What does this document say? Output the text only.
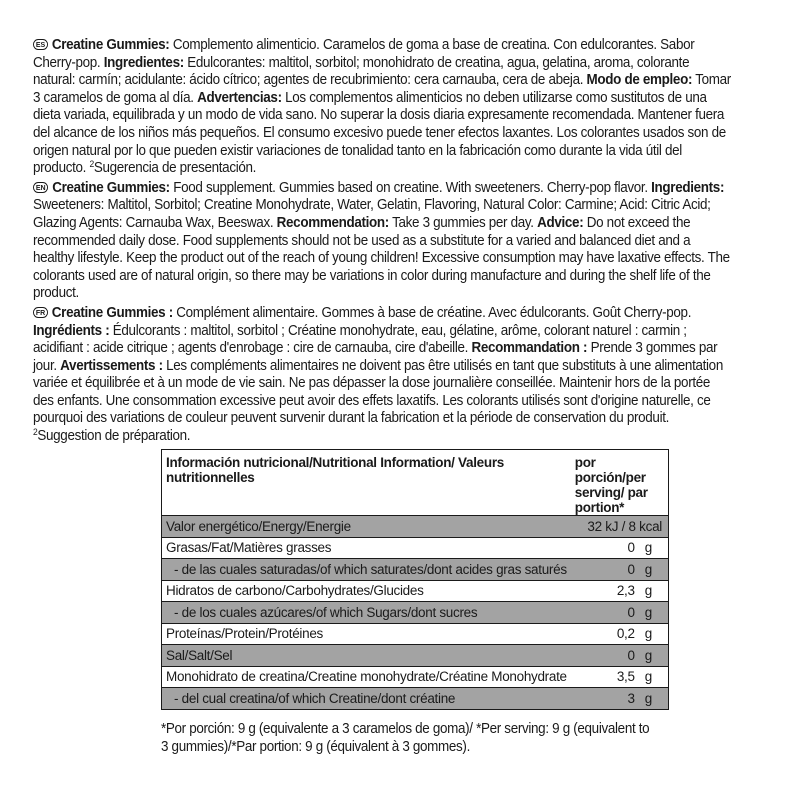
ES Creatine Gummies: Complemento alimenticio. Caramelos de goma a base de creatina. Con edulcorantes. Sabor Cherry-pop. Ingredientes: Edulcorantes: maltitol, sorbitol; monohidrato de creatina, agua, gelatina, aroma, colorante natural: carmín; acidulante: ácido cítrico; agentes de recubrimiento: cera carnauba, cera de abeja. Modo de empleo: Tomar 3 caramelos de goma al día. Advertencias: Los complementos alimenticios no deben utilizarse como sustitutos de una dieta variada, equilibrada y un modo de vida sano. No superar la dosis diaria expresamente recomendada. Mantener fuera del alcance de los niños más pequeños. El consumo excesivo puede tener efectos laxantes. Los colorantes usados son de origen natural por lo que pueden existir variaciones de tonalidad tanto en la fabricación como durante la vida útil del producto. $^2$Sugerencia de presentación.

EN Creatine Gummies: Food supplement. Gummies based on creatine. With sweeteners. Cherry-pop flavor. Ingredients: Sweeteners: Maltitol, Sorbitol; Creatine Monohydrate, Water, Gelatin, Flavoring, Natural Color: Carmine; Acid: Citric Acid; Glazing Agents: Carnauba Wax, Beeswax. Recommendation: Take 3 gummies per day. Advice: Do not exceed the recommended daily dose. Food supplements should not be used as a substitute for a varied and balanced diet and a healthy lifestyle. Keep the product out of the reach of young children! Excessive consumption may have laxative effects. The colorants used are of natural origin, so there may be variations in color during manufacture and during the shelf life of the product.

FR Creatine Gummies : Complément alimentaire. Gommes à base de créatine. Avec édulcorants. Goût Cherry-pop. Ingrédients : Édulcorants : maltitol, sorbitol ; Créatine monohydrate, eau, gélatine, arôme, colorant naturel : carmin ; acidifiant : acide citrique ; agents d'enrobage : cire de carnauba, cire d'abeille. Recommandation : Prende 3 gommes par jour. Avertissements : Les compléments alimentaires ne doivent pas être utilisés en tant que substituts à une alimentation variée et équilibrée et à un mode de vie sain. Ne pas dépasser la dose journalière conseillée. Maintenir hors de la portée des enfants. Une consommation excessive peut avoir des effets laxatifs. Les colorants utilisés sont d'origine naturelle, ce pourquoi des variations de couleur peuvent survenir durant la fabrication et la période de conservation du produit. $^2$Suggestion de préparation.

Información nutricional/Nutritional Information/ Valeurs nutritionnelles	por porción/per serving/ par portion*	
Valor energético/Energy/Energie	32 kJ / 8 kcal	
Grasas/Fat/Matières grasses	0	g
- de las cuales saturadas/of which saturates/dont acides gras saturés	0	g
Hidratos de carbono/Carbohydrates/Glucides	2,3	g
- de los cuales azúcares/of which Sugars/dont sucres	0	g
Proteínas/Protein/Protéines	0,2	g
Sal/Salt/Sel	0	g
Monohidrato de creatina/Creatine monohydrate/Créatine Monohydrate	3,5	g
- del cual creatina/of which Creatine/dont créatine	3	g
*Por porción: 9 g (equivalente a 3 caramelos de goma)/ *Per serving: 9 g (equivalent to 3 gummies)/*Par portion: 9 g (équivalent à 3 gommes).
